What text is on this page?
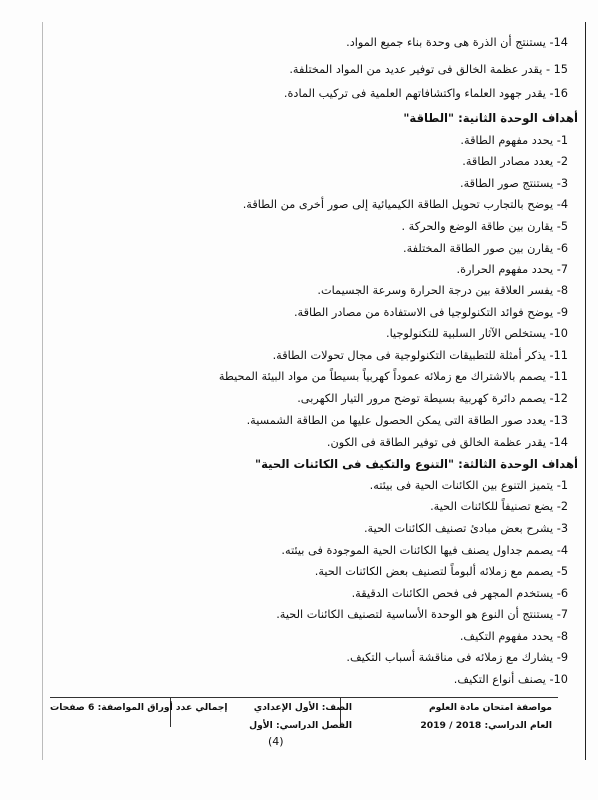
14- يستنتج أن الذرة هى وحدة بناء جميع المواد.
15 - يقدر عظمة الخالق فى توفير عديد من المواد المختلفة.
16- يقدر جهود العلماء واكتشافاتهم العلمية فى تركيب المادة.
أهداف الوحدة الثانية: "الطاقة"
1- يحدد مفهوم الطاقة.
2- يعدد مصادر الطاقة.
3- يستنتج صور الطاقة.
4- يوضح بالتجارب تحويل الطاقة الكيميائية إلى صور أخرى من الطاقة.
5- يقارن بين طاقة الوضع والحركة .
6- يقارن بين صور الطاقة المختلفة.
7- يحدد مفهوم الحرارة.
8- يفسر العلاقة بين درجة الحرارة وسرعة الجسيمات.
9- يوضح فوائد التكنولوجيا فى الاستفادة من مصادر الطاقة.
10- يستخلص الآثار السلبية للتكنولوجيا.
11- يذكر أمثلة للتطبيقات التكنولوجية فى مجال تحولات الطاقة.
11- يصمم بالاشتراك مع زملائه عموداً كهربياً بسيطاً من مواد البيئة المحيطة
12- يصمم دائرة كهربية بسيطة توضح مرور التيار الكهربى.
13- يعدد صور الطاقة التى يمكن الحصول عليها من الطاقة الشمسية.
14- يقدر عظمة الخالق فى توفير الطاقة فى الكون.
أهداف الوحدة الثالثة: "التنوع والتكيف فى الكائنات الحية"
1- يتميز التنوع بين الكائنات الحية فى بيئته.
2- يضع تصنيفاً للكائنات الحية.
3- يشرح بعض مبادئ تصنيف الكائنات الحية.
4- يصمم جداول يصنف فيها الكائنات الحية الموجودة فى بيئته.
5- يصمم مع زملائه ألبوماً لتصنيف بعض الكائنات الحية.
6- يستخدم المجهر فى فحص الكائنات الدقيقة.
7- يستنتج أن النوع هو الوحدة الأساسية لتصنيف الكائنات الحية.
8- يحدد مفهوم التكيف.
9- يشارك مع زملائه فى مناقشة أسباب التكيف.
10- يصنف أنواع التكيف.
مواصفة امتحان مادة العلوم
العام الدراسي: 2018 / 2019
الصف: الأول الإعدادي
الفصل الدراسي: الأول
إجمالي عدد أوراق المواصفة: 6 صفحات
(4)
